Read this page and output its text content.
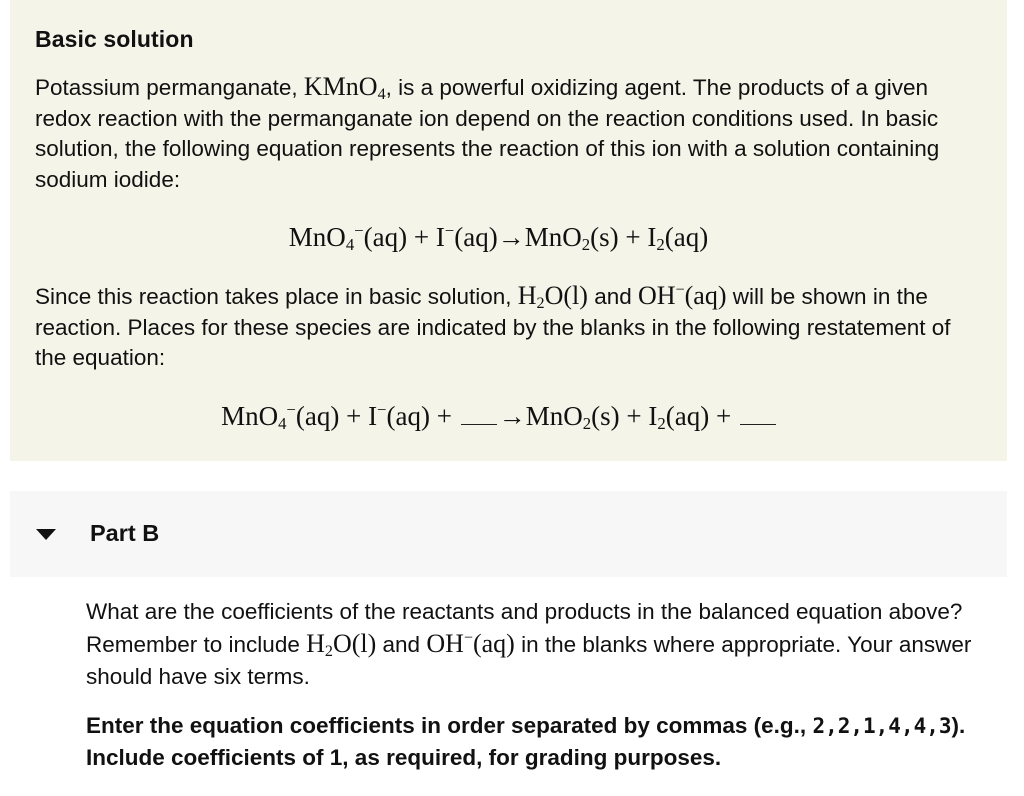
Basic solution

Potassium permanganate, KMnO$_4$, is a powerful oxidizing agent. The products of a given redox reaction with the permanganate ion depend on the reaction conditions used. In basic solution, the following equation represents the reaction of this ion with a solution containing sodium iodide:

$MnO_4^-(aq) + I^-(aq)\to MnO_2(s) + I_2(aq)$

Since this reaction takes place in basic solution, $H_2O(l)$ and OH−(aq) will be shown in the reaction. Places for these species are indicated by the blanks in the following restatement of the equation:

$MnO_4^-(aq) + I^-(aq) + \to MnO_2(s) + I_2(aq)$ +
Part B

What are the coefficients of the reactants and products in the balanced equation above? Remember to include $H_2O(l)$ and OH−(aq) in the blanks where appropriate. Your answer should have six terms.

Enter the equation coefficients in order separated by commas (e.g., 2,2,1,4,4,3). Include coefficients of 1, as required, for grading purposes.
